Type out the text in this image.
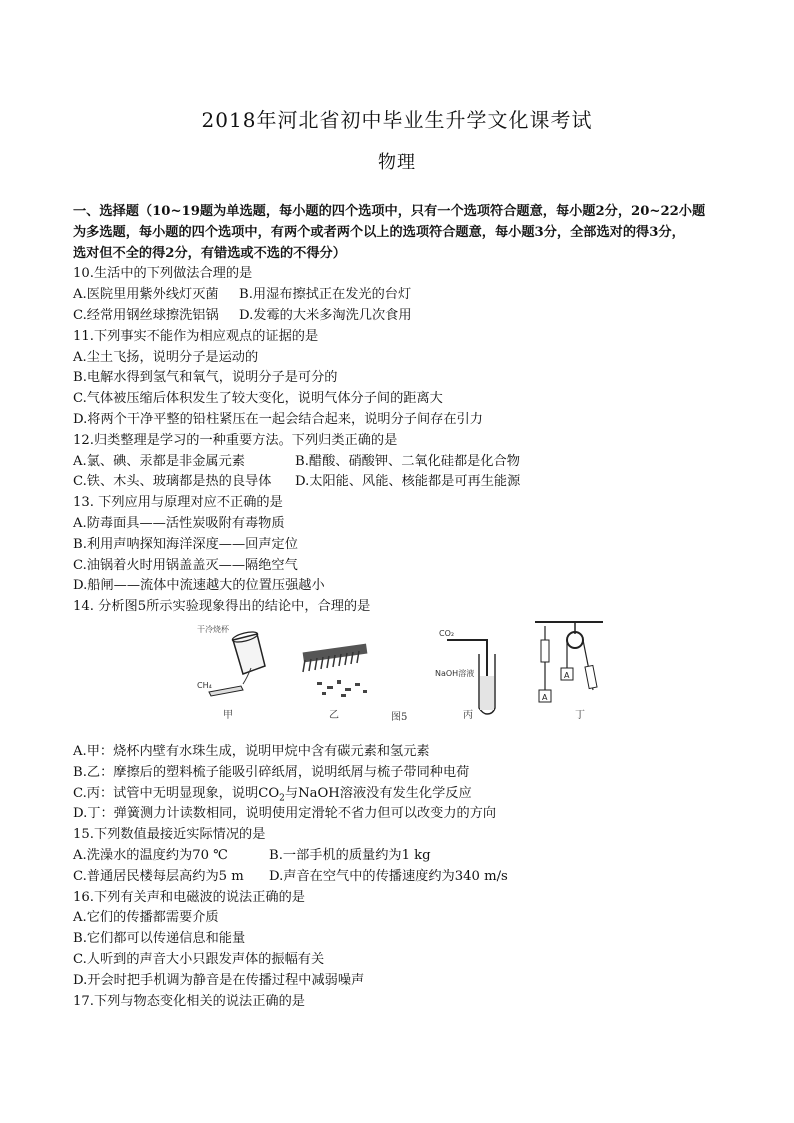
2018年河北省初中毕业生升学文化课考试
物理
一、选择题（10~19题为单选题，每小题的四个选项中，只有一个选项符合题意，每小题2分，20~22小题
为多选题，每小题的四个选项中，有两个或者两个以上的选项符合题意，每小题3分，全部选对的得3分，
选对但不全的得2分，有错选或不选的不得分）
10.生活中的下列做法合理的是
A.医院里用紫外线灯灭菌 B.用湿布擦拭正在发光的台灯
C.经常用钢丝球擦洗铝锅 D.发霉的大米多淘洗几次食用
11.下列事实不能作为相应观点的证据的是
A.尘土飞扬，说明分子是运动的
B.电解水得到氢气和氧气，说明分子是可分的
C.气体被压缩后体积发生了较大变化，说明气体分子间的距离大
D.将两个干净平整的铅柱紧压在一起会结合起来，说明分子间存在引力
12.归类整理是学习的一种重要方法。下列归类正确的是
A.氯、碘、汞都是非金属元素	B.醋酸、硝酸钾、二氧化硅都是化合物
C.铁、木头、玻璃都是热的良导体 D.太阳能、风能、核能都是可再生能源
13. 下列应用与原理对应不正确的是
A.防毒面具——活性炭吸附有毒物质
B.利用声呐探知海洋深度——回声定位
C.油锅着火时用锅盖盖灭——隔绝空气
D.船闸——流体中流速越大的位置压强越小
14. 分析图5所示实验现象得出的结论中，合理的是
干冷烧杯
CH₄
甲	乙	图5
CO₂
NaOH溶液
丙
A
A
丁
A.甲：烧杯内壁有水珠生成，说明甲烷中含有碳元素和氢元素
B.乙：摩擦后的塑料梳子能吸引碎纸屑，说明纸屑与梳子带同种电荷
C.丙：试管中无明显现象，说明$CO_2$与NaOH溶液没有发生化学反应
D.丁：弹簧测力计读数相同，说明使用定滑轮不省力但可以改变力的方向
15.下列数值最接近实际情况的是
A.洗澡水的温度约为70 ℃	B.一部手机的质量约为1 kg
C.普通居民楼每层高约为5 m D.声音在空气中的传播速度约为340 m/s
16.下列有关声和电磁波的说法正确的是
A.它们的传播都需要介质
B.它们都可以传递信息和能量
C.人听到的声音大小只跟发声体的振幅有关
D.开会时把手机调为静音是在传播过程中减弱噪声
17.下列与物态变化相关的说法正确的是
